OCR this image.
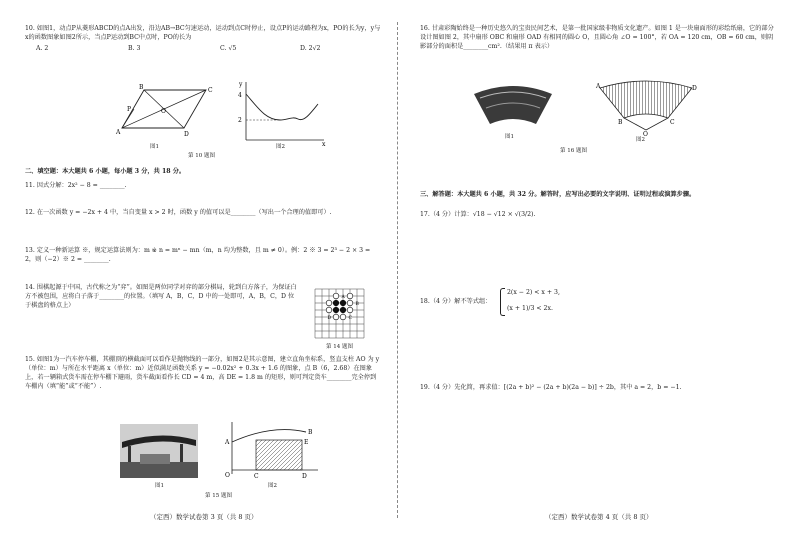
10. 如图1，动点P从菱形ABCD的点A出发，沿边AB→BC匀速运动，运动到点C时停止，设点P的运动路程为x，PO的长为y，y与x的函数图象如图2所示，当点P运动到BC中点时，PO的长为
A. 2	B. 3	C. √5	D. 2√2
A
B	C
D
P	O
图1
y
x
4
2
图2
第 10 题图
二、填空题：本大题共 6 小题，每小题 3 分，共 18 分。
11. 因式分解：2x² − 8 = ________.
12. 在一次函数 y = −2x + 4 中，当自变量 x > 2 时，函数 y 的值可以是________（写出一个合理的值即可）.
13. 定义一种新运算 ※，规定运算法则为：m ※ n = mⁿ − mn（m，n 均为整数，且 m ≠ 0）。例：2 ※ 3 = 2³ − 2 × 3 = 2，则（−2）※ 2 = ________.
14. 围棋起源于中国，古代称之为“弈”。如图是两位同学对弈的部分棋局，轮到白方落子，为保证白方不被包围，应将白子落于________的位置。（填写 A，B，C，D 中的一处即可，A，B，C，D 位于棋盘的格点上）
A
B
C
D
第 14 题图
15. 如图1为一汽车停车棚，其棚顶的横截面可以看作是抛物线的一部分，如图2是其示意图，建立直角坐标系，竖直支柱 AO 为 y（单位：m）与所在水平距离 x（单位：m）近似满足函数关系 y = −0.02x² + 0.3x + 1.6 的图象，点 B（6，2.68）在图象上，若一辆箱式货车需在停车棚下避雨，货车截面看作长 CD = 4 m，高 DE = 1.8 m 的矩形，则可判定货车________完全停到车棚内（填“能”或“不能”）.
图1
A
B
O	C	D
E
图2
第 15 题图
（定西）数学试卷第 3 页（共 8 页）
16. 甘肃彩陶始终是一种历史悠久的宝贵民间艺术，是第一批国家级非物质文化遗产。如图 1 是一块扇面形的彩绘纸扇，它的部分设计图如图 2，其中扇形 OBC 和扇形 OAD 有相同的圆心 O，且圆心角 ∠O = 100°，若 OA = 120 cm，OB = 60 cm，则阴影部分的面积是________cm².（结果用 π 表示）
图1
A	D
B	C
O
图2
第 16 题图
三、解答题：本大题共 6 小题，共 32 分。解答时，应写出必要的文字说明、证明过程或演算步骤。
17.（4 分）计算：√18 − √12 × √(3/2).
18.（4 分）解不等式组：
2(x − 2) < x + 3,
(x + 1)/3 < 2x.
19.（4 分）先化简，再求值：[(2a + b)² − (2a + b)(2a − b)] ÷ 2b，其中 a = 2，b = −1.
（定西）数学试卷第 4 页（共 8 页）
